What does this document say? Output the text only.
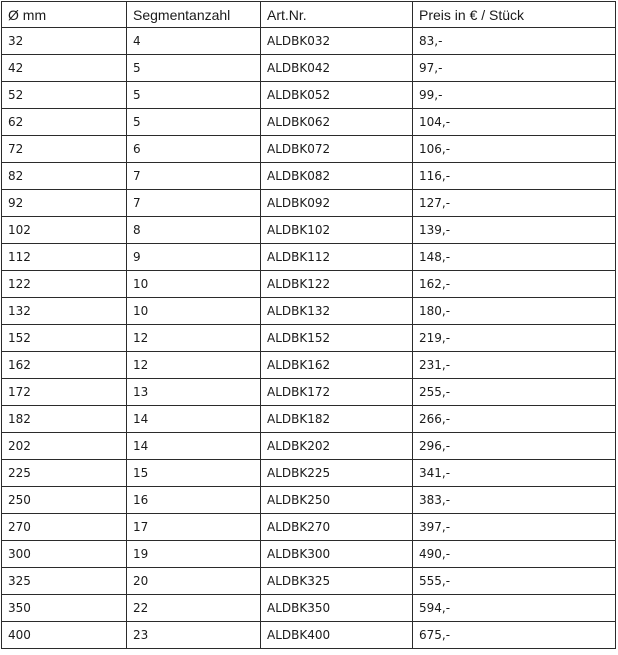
Ø mm	Segmentanzahl	Art.Nr.	Preis in € / Stück
32	4	ALDBK032	83,-
42	5	ALDBK042	97,-
52	5	ALDBK052	99,-
62	5	ALDBK062	104,-
72	6	ALDBK072	106,-
82	7	ALDBK082	116,-
92	7	ALDBK092	127,-
102	8	ALDBK102	139,-
112	9	ALDBK112	148,-
122	10	ALDBK122	162,-
132	10	ALDBK132	180,-
152	12	ALDBK152	219,-
162	12	ALDBK162	231,-
172	13	ALDBK172	255,-
182	14	ALDBK182	266,-
202	14	ALDBK202	296,-
225	15	ALDBK225	341,-
250	16	ALDBK250	383,-
270	17	ALDBK270	397,-
300	19	ALDBK300	490,-
325	20	ALDBK325	555,-
350	22	ALDBK350	594,-
400	23	ALDBK400	675,-
